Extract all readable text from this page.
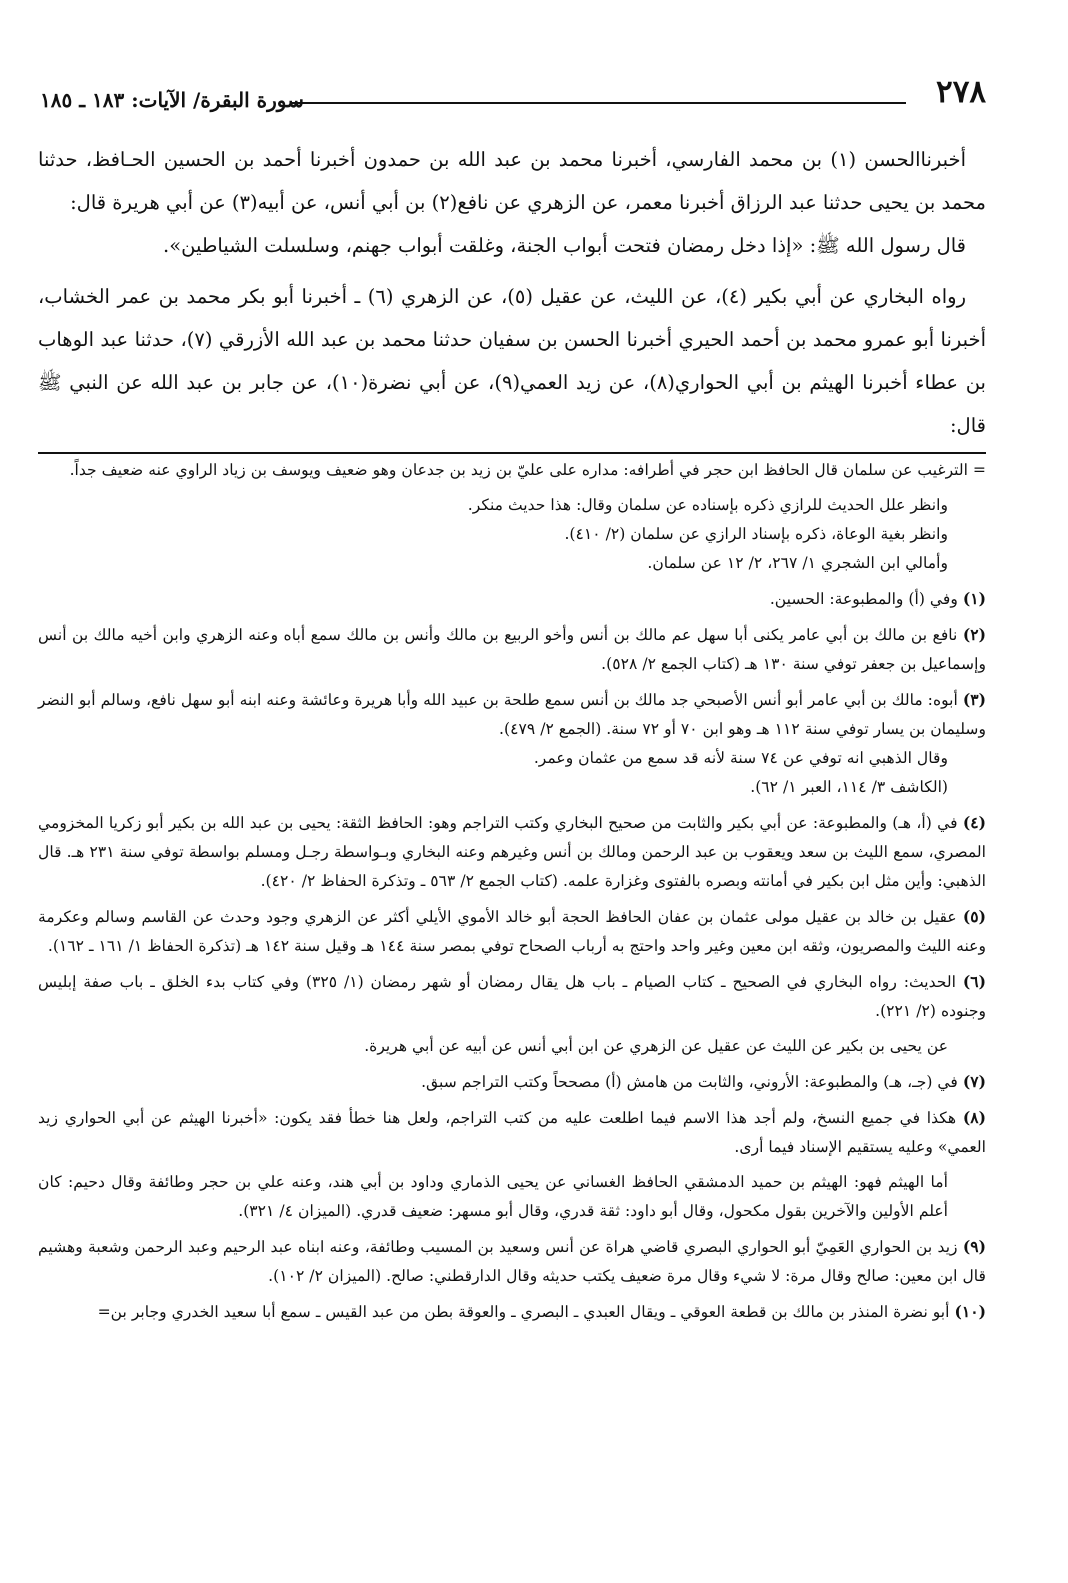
٢٧٨
سورة البقرة/ الآيات: ١٨٣ ـ ١٨٥

أخبرناالحسن (١) بن محمد الفارسي، أخبرنا محمد بن عبد الله بن حمدون أخبرنا أحمد بن الحسين الحـافظ، حدثنا محمد بن يحيى حدثنا عبد الرزاق أخبرنا معمر، عن الزهري عن نافع(٢) بن أبي أنس، عن أبيه(٣) عن أبي هريرة قال:

قال رسول الله ﷺ: «إذا دخل رمضان فتحت أبواب الجنة، وغلقت أبواب جهنم، وسلسلت الشياطين».

رواه البخاري عن أبي بكير (٤)، عن الليث، عن عقيل (٥)، عن الزهري (٦) ـ أخبرنا أبو بكر محمد بن عمر الخشاب، أخبرنا أبو عمرو محمد بن أحمد الحيري أخبرنا الحسن بن سفيان حدثنا محمد بن عبد الله الأزرقي (٧)، حدثنا عبد الوهاب بن عطاء أخبرنا الهيثم بن أبي الحواري(٨)، عن زيد العمي(٩)، عن أبي نضرة(١٠)، عن جابر بن عبد الله عن النبي ﷺ قال:

= الترغيب عن سلمان قال الحافظ ابن حجر في أطرافه: مداره على عليّ بن زيد بن جدعان وهو ضعيف ويوسف بن زياد الراوي عنه ضعيف جداً.

وانظر علل الحديث للرازي ذكره بإسناده عن سلمان وقال: هذا حديث منكر.

وانظر بغية الوعاة، ذكره بإسناد الرازي عن سلمان (٢/ ٤١٠).

وأمالي ابن الشجري ١/ ٢٦٧، ٢/ ١٢ عن سلمان.

(١) وفي (أ) والمطبوعة: الحسين.

(٢) نافع بن مالك بن أبي عامر يكنى أبا سهل عم مالك بن أنس وأخو الربيع بن مالك وأنس بن مالك سمع أباه وعنه الزهري وابن أخيه مالك بن أنس وإسماعيل بن جعفر توفي سنة ١٣٠ هـ (كتاب الجمع ٢/ ٥٢٨).

(٣) أبوه: مالك بن أبي عامر أبو أنس الأصبحي جد مالك بن أنس سمع طلحة بن عبيد الله وأبا هريرة وعائشة وعنه ابنه أبو سهل نافع، وسالم أبو النضر وسليمان بن يسار توفي سنة ١١٢ هـ وهو ابن ٧٠ أو ٧٢ سنة. (الجمع ٢/ ٤٧٩).

وقال الذهبي انه توفي عن ٧٤ سنة لأنه قد سمع من عثمان وعمر.

(الكاشف ٣/ ١١٤، العبر ١/ ٦٢).

(٤) في (أ، هـ) والمطبوعة: عن أبي بكير والثابت من صحيح البخاري وكتب التراجم وهو: الحافظ الثقة: يحيى بن عبد الله بن بكير أبو زكريا المخزومي المصري، سمع الليث بن سعد ويعقوب بن عبد الرحمن ومالك بن أنس وغيرهم وعنه البخاري وبـواسطة رجـل ومسلم بواسطة توفي سنة ٢٣١ هـ. قال الذهبي: وأين مثل ابن بكير في أمانته وبصره بالفتوى وغزارة علمه. (كتاب الجمع ٢/ ٥٦٣ ـ وتذكرة الحفاظ ٢/ ٤٢٠).

(٥) عقيل بن خالد بن عقيل مولى عثمان بن عفان الحافظ الحجة أبو خالد الأموي الأيلي أكثر عن الزهري وجود وحدث عن القاسم وسالم وعكرمة وعنه الليث والمصريون، وثقه ابن معين وغير واحد واحتج به أرباب الصحاح توفي بمصر سنة ١٤٤ هـ وقيل سنة ١٤٢ هـ (تذكرة الحفاظ ١/ ١٦١ ـ ١٦٢).

(٦) الحديث: رواه البخاري في الصحيح ـ كتاب الصيام ـ باب هل يقال رمضان أو شهر رمضان (١/ ٣٢٥) وفي كتاب بدء الخلق ـ باب صفة إبليس وجنوده (٢/ ٢٢١).

عن يحيى بن بكير عن الليث عن عقيل عن الزهري عن ابن أبي أنس عن أبيه عن أبي هريرة.

(٧) في (جـ، هـ) والمطبوعة: الأروني، والثابت من هامش (أ) مصححاً وكتب التراجم سبق.

(٨) هكذا في جميع النسخ، ولم أجد هذا الاسم فيما اطلعت عليه من كتب التراجم، ولعل هنا خطأ فقد يكون: «أخبرنا الهيثم عن أبي الحواري زيد العمي» وعليه يستقيم الإسناد فيما أرى.

أما الهيثم فهو: الهيثم بن حميد الدمشقي الحافظ الغساني عن يحيى الذماري وداود بن أبي هند، وعنه علي بن حجر وطائفة وقال دحيم: كان أعلم الأولين والآخرين بقول مكحول، وقال أبو داود: ثقة قدري، وقال أبو مسهر: ضعيف قدري. (الميزان ٤/ ٣٢١).

(٩) زيد بن الحواري العَمِيّ أبو الحواري البصري قاضي هراة عن أنس وسعيد بن المسيب وطائفة، وعنه ابناه عبد الرحيم وعبد الرحمن وشعبة وهشيم قال ابن معين: صالح وقال مرة: لا شيء وقال مرة ضعيف يكتب حديثه وقال الدارقطني: صالح. (الميزان ٢/ ١٠٢).

(١٠) أبو نضرة المنذر بن مالك بن قطعة العوقي ـ ويقال العبدي ـ البصري ـ والعوقة بطن من عبد القيس ـ سمع أبا سعيد الخدري وجابر بن=
